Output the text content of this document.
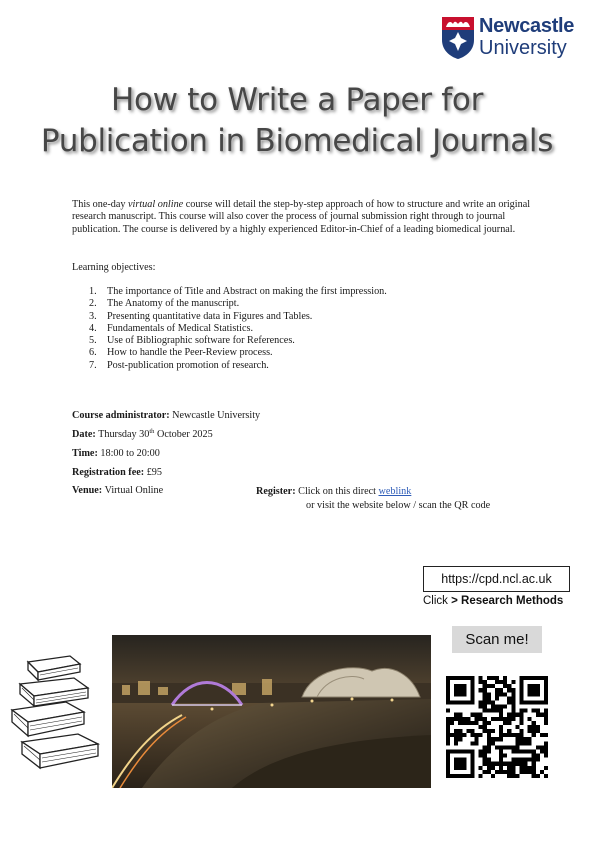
Newcastle
University
How to Write a Paper for
Publication in Biomedical Journals
This one-day virtual online course will detail the step-by-step approach of how to structure and write an original research manuscript. This course will also cover the process of journal submission right through to journal publication. The course is delivered by a highly experienced Editor-in-Chief of a leading biomedical journal.
Learning objectives:
1. The importance of Title and Abstract on making the first impression.
2. The Anatomy of the manuscript.
3. Presenting quantitative data in Figures and Tables.
4. Fundamentals of Medical Statistics.
5. Use of Bibliographic software for References.
6. How to handle the Peer-Review process.
7. Post-publication promotion of research.
Course administrator: Newcastle University
Date: Thursday 30th October 2025
Time: 18:00 to 20:00
Registration fee: £95
Venue: Virtual Online	Register: Click on this direct weblink
or visit the website below / scan the QR code
https://cpd.ncl.ac.uk
Click > Research Methods
Scan me!
